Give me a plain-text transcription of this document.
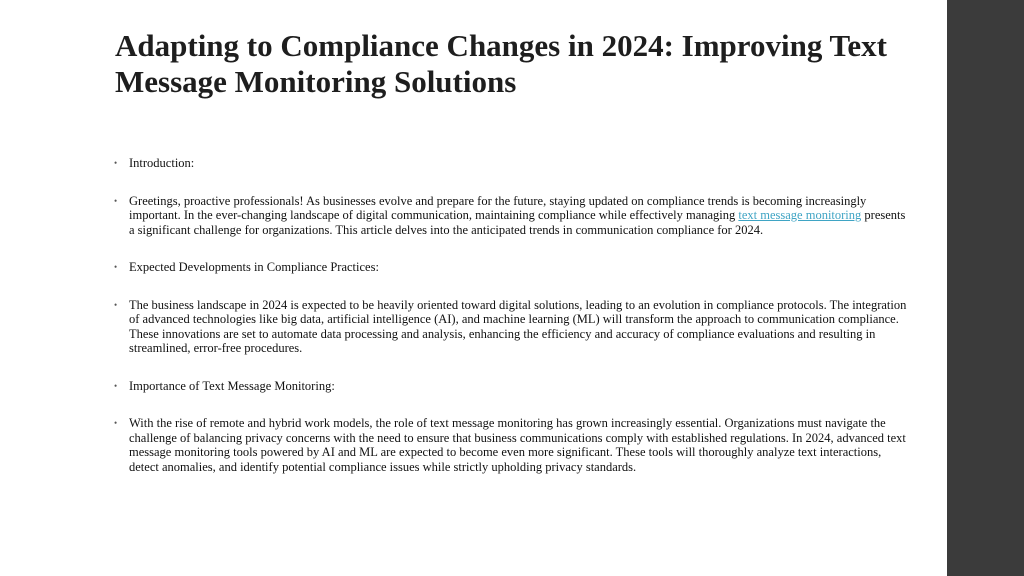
Adapting to Compliance Changes in 2024: Improving Text Message Monitoring Solutions
• Introduction:
• Greetings, proactive professionals! As businesses evolve and prepare for the future, staying updated on compliance trends is becoming increasingly important. In the ever-changing landscape of digital communication, maintaining compliance while effectively managing text message monitoring presents a significant challenge for organizations. This article delves into the anticipated trends in communication compliance for 2024.
• Expected Developments in Compliance Practices:
• The business landscape in 2024 is expected to be heavily oriented toward digital solutions, leading to an evolution in compliance protocols. The integration of advanced technologies like big data, artificial intelligence (AI), and machine learning (ML) will transform the approach to communication compliance. These innovations are set to automate data processing and analysis, enhancing the efficiency and accuracy of compliance evaluations and resulting in streamlined, error-free procedures.
• Importance of Text Message Monitoring:
• With the rise of remote and hybrid work models, the role of text message monitoring has grown increasingly essential. Organizations must navigate the challenge of balancing privacy concerns with the need to ensure that business communications comply with established regulations. In 2024, advanced text message monitoring tools powered by AI and ML are expected to become even more significant. These tools will thoroughly analyze text interactions, detect anomalies, and identify potential compliance issues while strictly upholding privacy standards.
